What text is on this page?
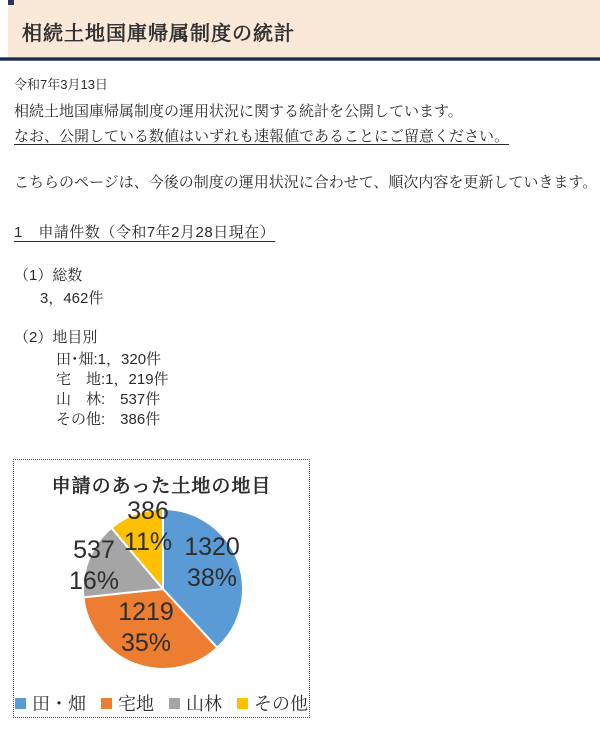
相続土地国庫帰属制度の統計
令和7年3月13日
相続土地国庫帰属制度の運用状況に関する統計を公開しています。
なお、公開している数値はいずれも速報値であることにご留意ください。
こちらのページは、今後の制度の運用状況に合わせて、順次内容を更新していきます。
1　申請件数（令和7年2月28日現在）
（1）総数
3，462件
（2）地目別
田･畑:1，320件
宅　地:1，219件
山　林:　537件
その他:　386件
申請のあった土地の地目
1320
38%
1219
35%
537
16%
386
11%
田・畑 宅地 山林 その他
